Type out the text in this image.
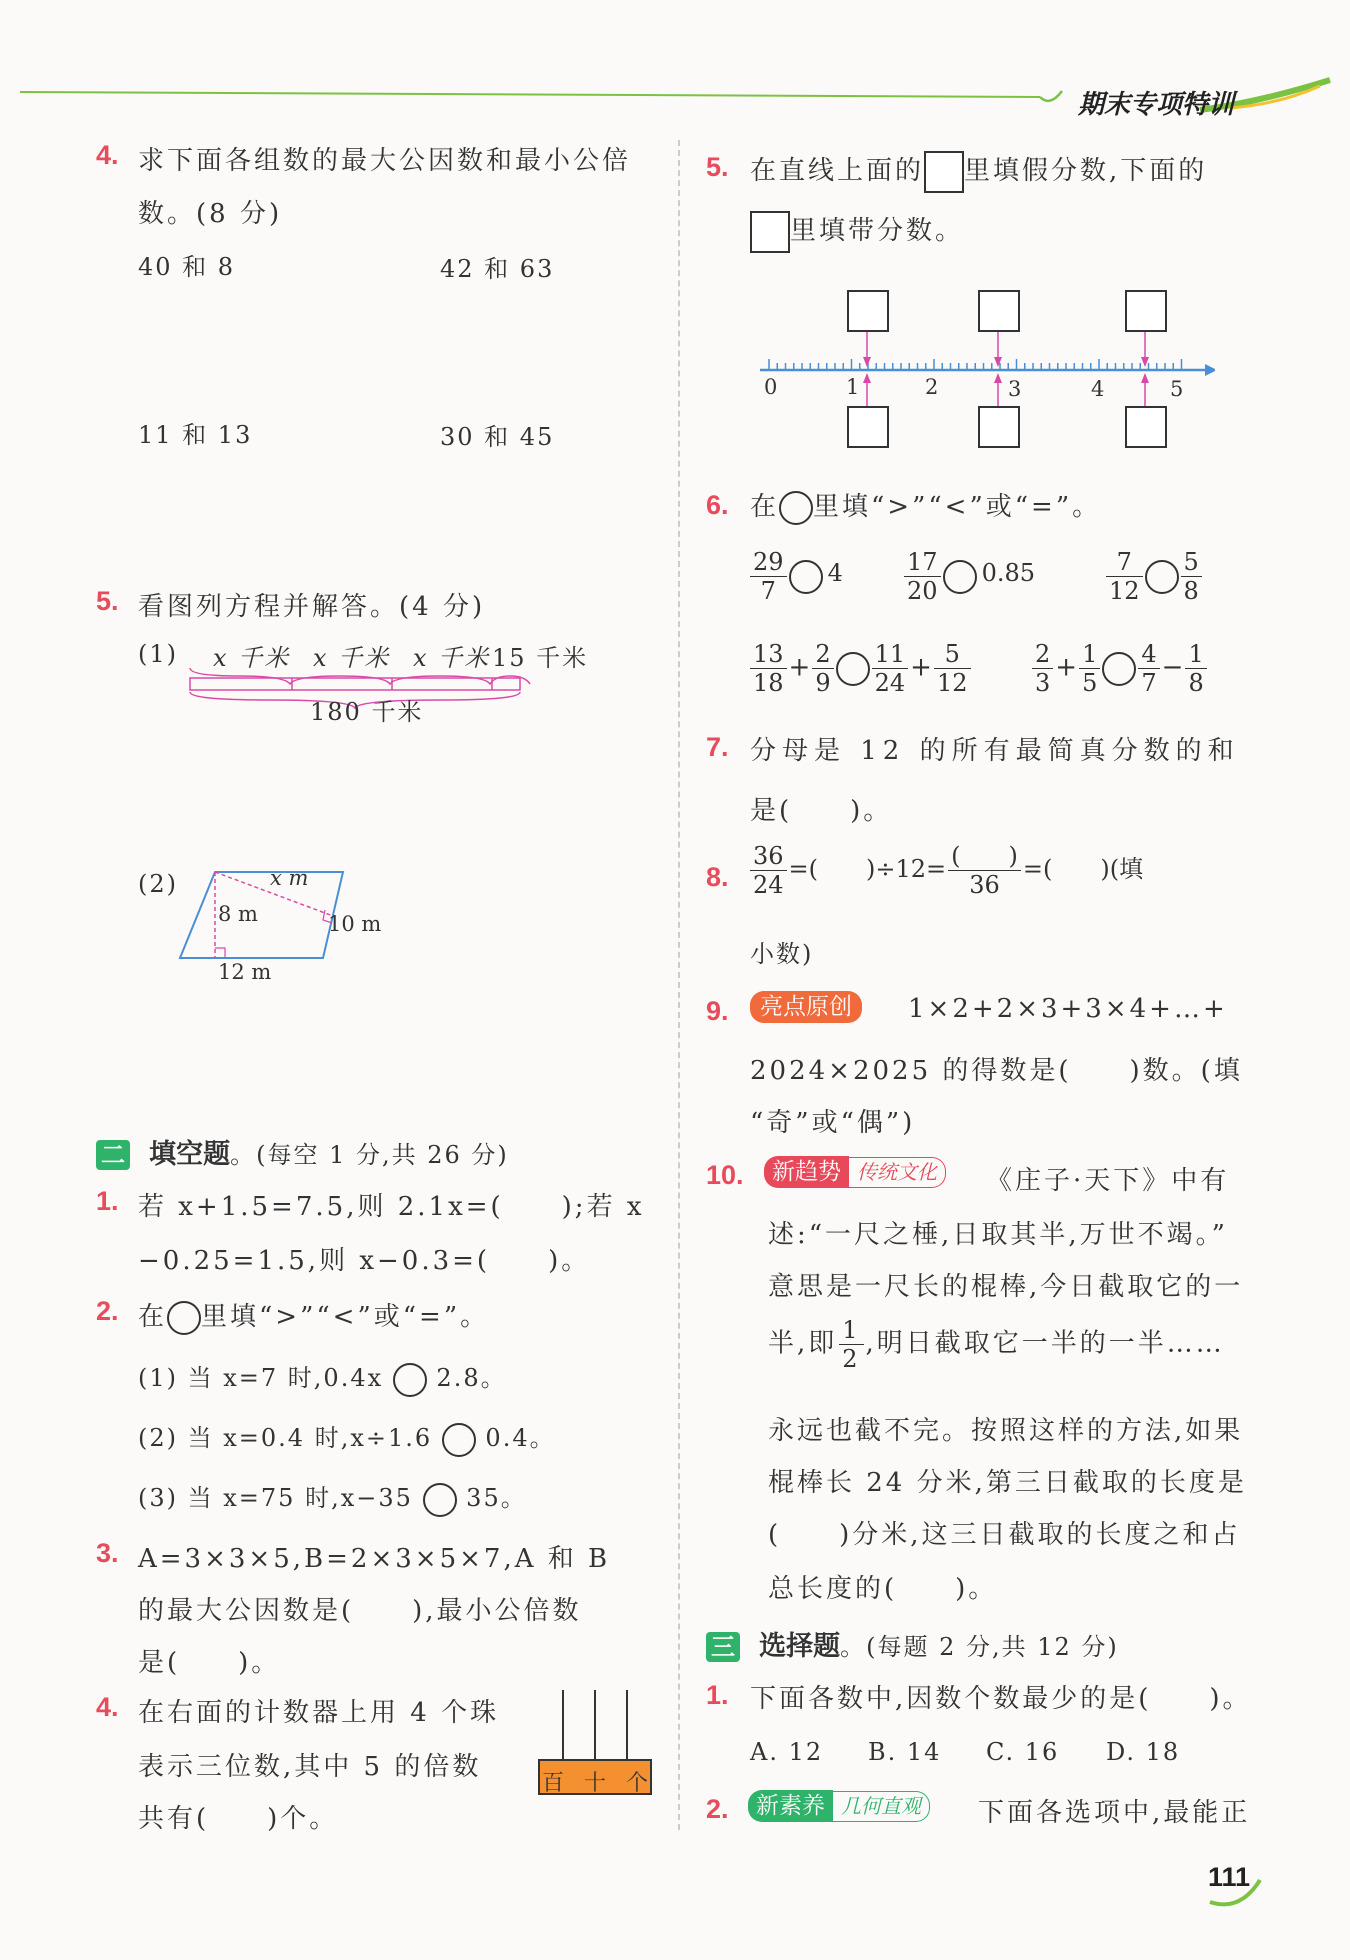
期末专项特训
4. 求下面各组数的最大公因数和最小公倍
数。(8 分)
40 和 8	42 和 63
11 和 13	30 和 45
5. 看图列方程并解答。(4 分)
(1) x 千米 x 千米 x 千米 15 千米
180 千米
(2)	x m
8 m	10 m
12 m
二 填空题。(每空 1 分,共 26 分)
1. 若 x+1.5=7.5,则 2.1x=(　　);若 x
−0.25=1.5,则 x−0.3=(　　)。
2. 在 里填“>”“<”或“=”。
(1) 当 x=7 时,0.4x 2.8。
(2) 当 x=0.4 时,x÷1.6 0.4。
(3) 当 x=75 时,x−35 35。
3. A=3×3×5,B=2×3×5×7,A 和 B
的最大公因数是(　　),最小公倍数
是(　　)。
4. 在右面的计数器上用 4 个珠
表示三位数,其中 5 的倍数
共有(　　)个。
百 十 个
5. 在直线上面的 里填假分数,下面的
里填带分数。
0	1	2	3	4	5
6. 在 里填“>”“<”或“=”。
$\frac{29}{7} 4$	$\frac{17}{20} 0.85$	$\frac{7}{12} \frac{5}{8}$
$\frac{13}{18} + \frac{2}{9} \frac{11}{24} + \frac{5}{12}$	$\frac{2}{3} + \frac{1}{5} \frac{4}{7} - \frac{1}{8}$
7. 分母是 12 的所有最简真分数的和
是(　　)。
8. $\frac{36}{24}$ =(　　)$\div 12= \frac{( )}{36}$ =(　　)(填
小数)
9.	亮点原创	1×2+2×3+3×4+…+
2024×2025 的得数是(　　)数。(填
“奇”或“偶”)
10.	新趋势 传统文化	《庄子·天下》中有
述:“一尺之棰,日取其半,万世不竭。”
意思是一尺长的棍棒,今日截取它的一
半,即 $\frac{1}{2}$ ,明日截取它一半的一半……
永远也截不完。按照这样的方法,如果
棍棒长 24 分米,第三日截取的长度是
(　　)分米,这三日截取的长度之和占
总长度的(　　)。
三 选择题。(每题 2 分,共 12 分)
1. 下面各数中,因数个数最少的是(　　)。
A. 12 B. 14 C. 16 D. 18
2.	新素养 几何直观	下面各选项中,最能正
111
